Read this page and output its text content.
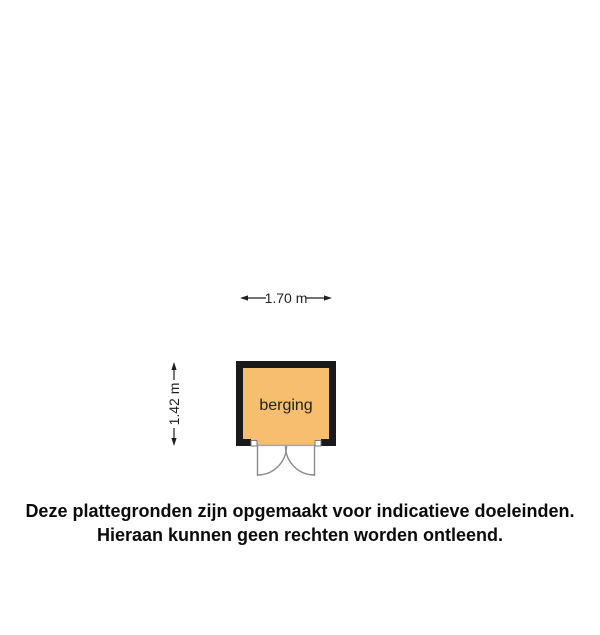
1.70 m
1.42 m	berging
Deze plattegronden zijn opgemaakt voor indicatieve doeleinden.
Hieraan kunnen geen rechten worden ontleend.
